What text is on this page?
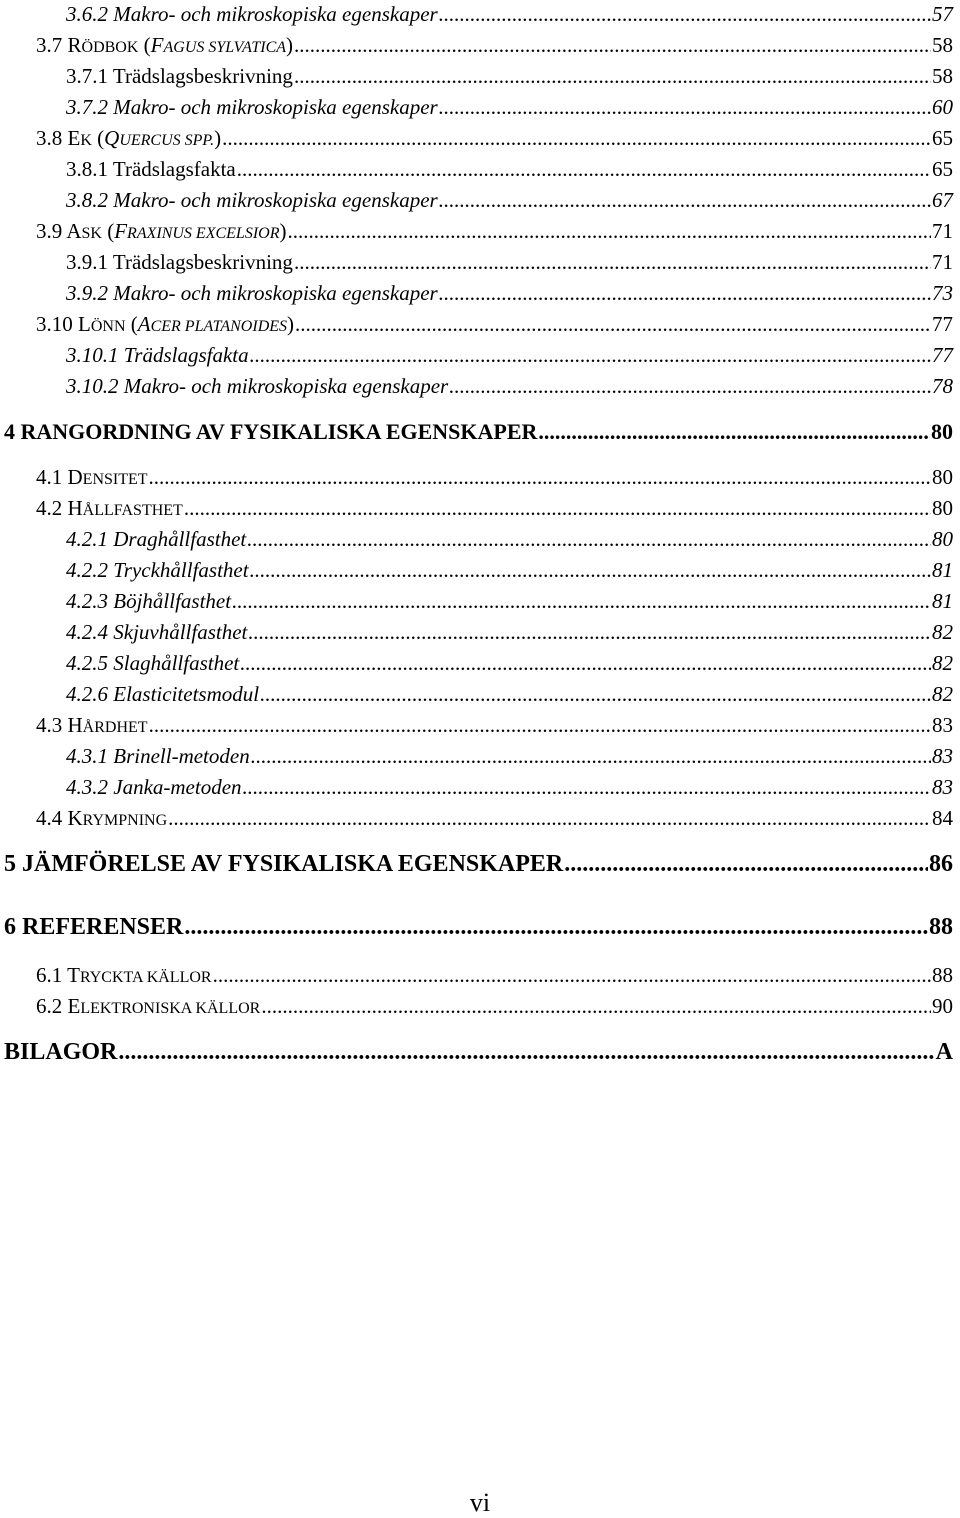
3.6.2 Makro- och mikroskopiska egenskaper .....	57
3.7 RÖDBOK (FAGUS SYLVATICA) .....	58
3.7.1 Trädslagsbeskrivning .....	58
3.7.2 Makro- och mikroskopiska egenskaper .....	60
3.8 EK (QUERCUS SPP.) .....	65
3.8.1 Trädslagsfakta .....	65
3.8.2 Makro- och mikroskopiska egenskaper .....	67
3.9 ASK (FRAXINUS EXCELSIOR) .....	71
3.9.1 Trädslagsbeskrivning .....	71
3.9.2 Makro- och mikroskopiska egenskaper .....	73
3.10 LÖNN (ACER PLATANOIDES) .....	77
3.10.1 Trädslagsfakta .....	77
3.10.2 Makro- och mikroskopiska egenskaper .....	78
4 RANGORDNING AV FYSIKALISKA EGENSKAPER .....	80
4.1 DENSITET .....	80
4.2 HÅLLFASTHET .....	80
4.2.1 Draghållfasthet .....	80
4.2.2 Tryckhållfasthet .....	81
4.2.3 Böjhållfasthet .....	81
4.2.4 Skjuvhållfasthet .....	82
4.2.5 Slaghållfasthet .....	82
4.2.6 Elasticitetsmodul .....	82
4.3 HÅRDHET .....	83
4.3.1 Brinell-metoden .....	83
4.3.2 Janka-metoden .....	83
4.4 KRYMPNING .....	84
5 JÄMFÖRELSE AV FYSIKALISKA EGENSKAPER .....	86
6 REFERENSER .....	88
6.1 TRYCKTA KÄLLOR .....	88
6.2 ELEKTRONISKA KÄLLOR .....	90
BILAGOR .....	A
vi
